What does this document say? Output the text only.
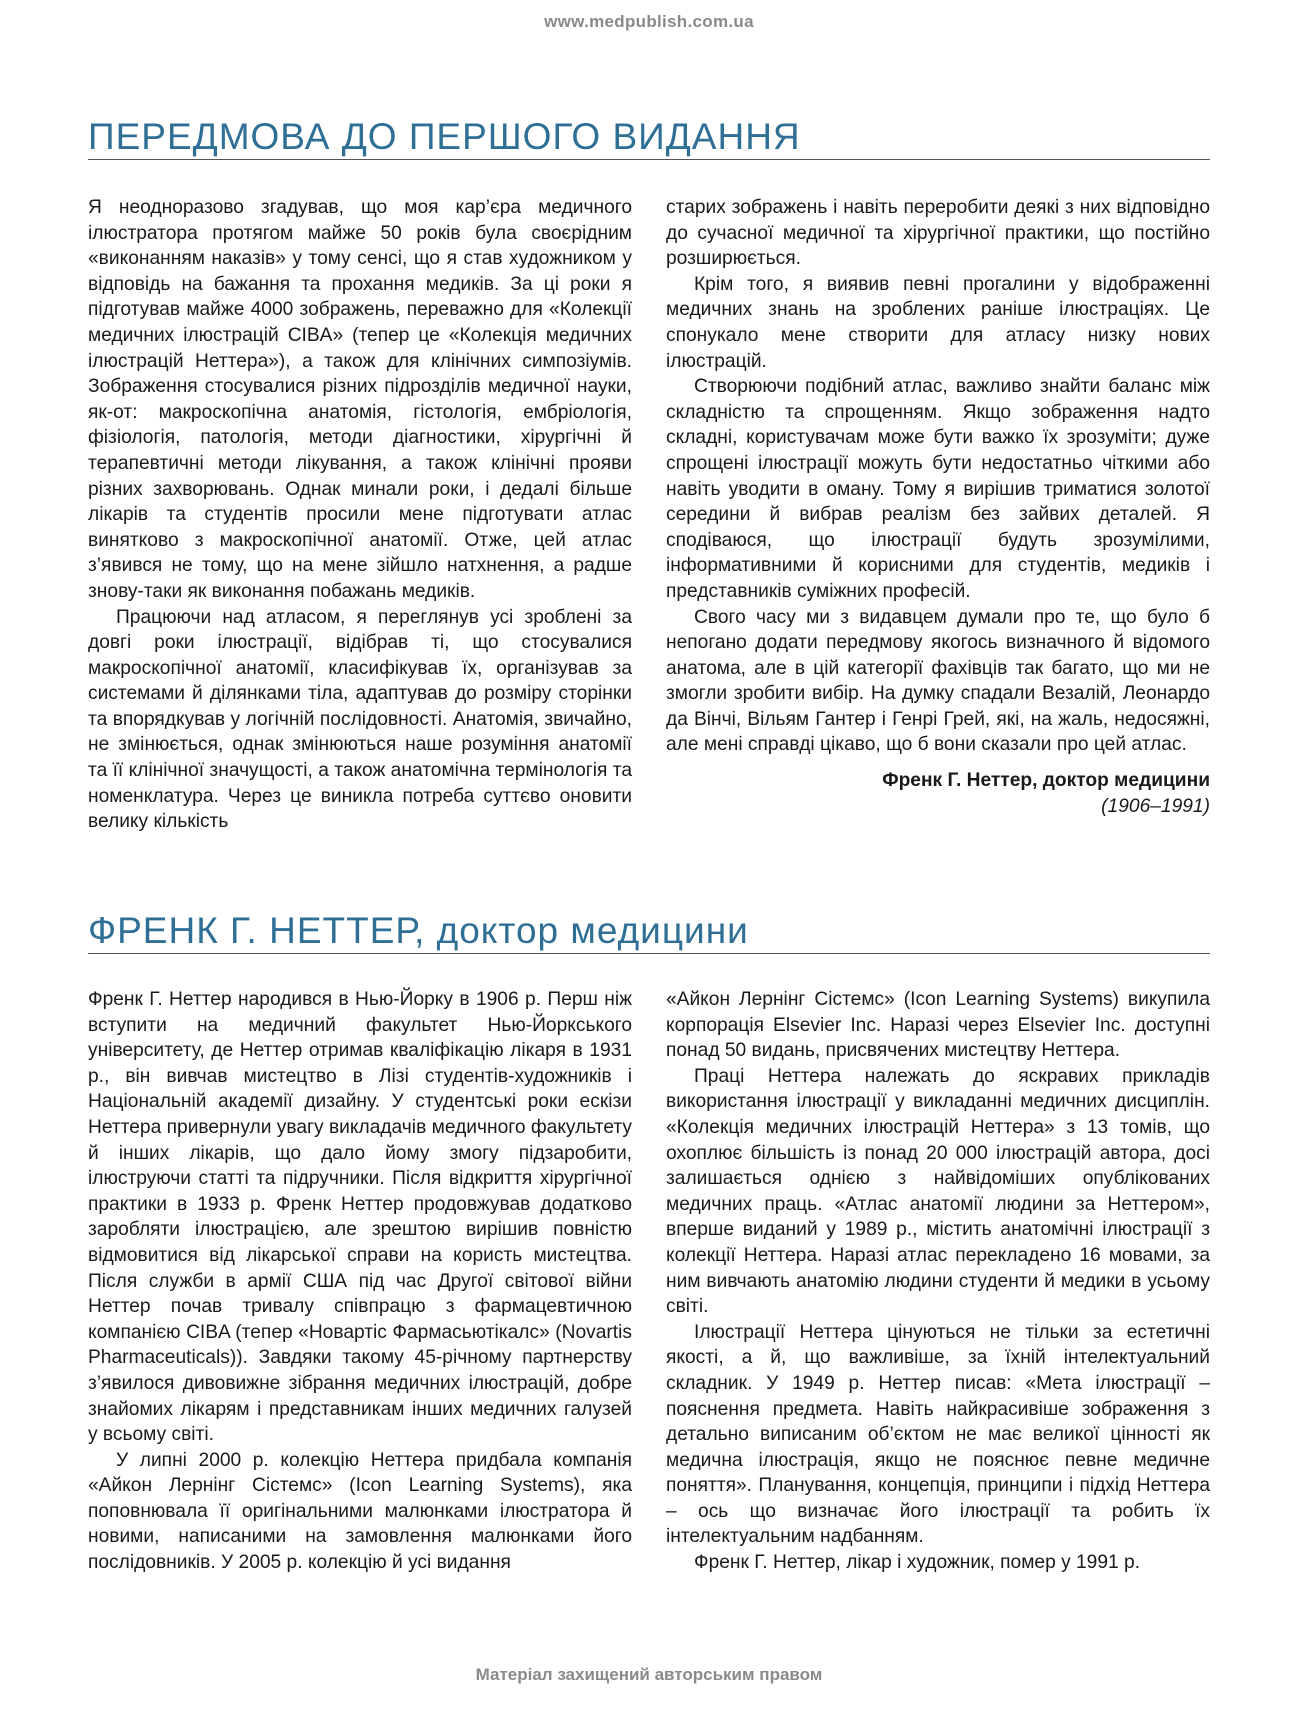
www.medpublish.com.ua
ПЕРЕДМОВА ДО ПЕРШОГО ВИДАННЯ

Я неодноразово згадував, що моя кар’єра медичного ілюстратора протягом майже 50 років була своєрідним «виконанням наказів» у тому сенсі, що я став художником у відповідь на бажання та прохання медиків. За ці роки я підготував майже 4000 зображень, переважно для «Колекції медичних ілюстрацій CIBA» (тепер це «Колекція медичних ілюстрацій Неттера»), а також для клінічних симпозіумів. Зображення стосувалися різних підрозділів медичної науки, як-от: макроскопічна анатомія, гістологія, ембріологія, фізіологія, патологія, методи діагностики, хірургічні й терапевтичні методи лікування, а також клінічні прояви різних захворювань. Однак минали роки, і дедалі більше лікарів та студентів просили мене підготувати атлас винятково з макроскопічної анатомії. Отже, цей атлас з’явився не тому, що на мене зійшло натхнення, а радше знову-таки як виконання побажань медиків.

Працюючи над атласом, я переглянув усі зроблені за довгі роки ілюстрації, відібрав ті, що стосувалися макроскопічної анатомії, класифікував їх, організував за системами й ділянками тіла, адаптував до розміру сторінки та впорядкував у логічній послідовності. Анатомія, звичайно, не змінюється, однак змінюються наше розуміння анатомії та її клінічної значущості, а також анатомічна термінологія та номенклатура. Через це виникла потреба суттєво оновити велику кількість

старих зображень і навіть переробити деякі з них відповідно до сучасної медичної та хірургічної практики, що постійно розширюється.

Крім того, я виявив певні прогалини у відображенні медичних знань на зроблених раніше ілюстраціях. Це спонукало мене створити для атласу низку нових ілюстрацій.

Створюючи подібний атлас, важливо знайти баланс між складністю та спрощенням. Якщо зображення надто складні, користувачам може бути важко їх зрозуміти; дуже спрощені ілюстрації можуть бути недостатньо чіткими або навіть уводити в оману. Тому я вирішив триматися золотої середини й вибрав реалізм без зайвих деталей. Я сподіваюся, що ілюстрації будуть зрозумілими, інформативними й корисними для студентів, медиків і представників суміжних професій.

Свого часу ми з видавцем думали про те, що було б непогано додати передмову якогось визначного й відомого анатома, але в цій категорії фахівців так багато, що ми не змогли зробити вибір. На думку спадали Везалій, Леонардо да Вінчі, Вільям Гантер і Генрі Грей, які, на жаль, недосяжні, але мені справді цікаво, що б вони сказали про цей атлас.

Френк Г. Неттер, доктор медицини
(1906–1991)
ФРЕНК Г. НЕТТЕР, доктор медицини

Френк Г. Неттер народився в Нью-Йорку в 1906 р. Перш ніж вступити на медичний факультет Нью-Йоркського університету, де Неттер отримав кваліфікацію лікаря в 1931 р., він вивчав мистецтво в Лізі студентів-художників і Національній академії дизайну. У студентські роки ескізи Неттера привернули увагу викладачів медичного факультету й інших лікарів, що дало йому змогу підзаробити, ілюструючи статті та підручники. Після відкриття хірургічної практики в 1933 р. Френк Неттер продовжував додатково заробляти ілюстрацією, але зрештою вирішив повністю відмовитися від лікарської справи на користь мистецтва. Після служби в армії США під час Другої світової війни Неттер почав тривалу співпрацю з фармацевтичною компанією CIBA (тепер «Новартіс Фармасьютікалс» (Novartis Pharmaceuticals)). Завдяки такому 45-річному партнерству з’явилося дивовижне зібрання медичних ілюстрацій, добре знайомих лікарям і представникам інших медичних галузей у всьому світі.

У липні 2000 р. колекцію Неттера придбала компанія «Айкон Лернінг Сістемс» (Icon Learning Systems), яка поповнювала її оригінальними малюнками ілюстратора й новими, написаними на замовлення малюнками його послідовників. У 2005 р. колекцію й усі видання

«Айкон Лернінг Сістемс» (Icon Learning Systems) викупила корпорація Elsevier Inc. Наразі через Elsevier Inc. доступні понад 50 видань, присвячених мистецтву Неттера.

Праці Неттера належать до яскравих прикладів використання ілюстрації у викладанні медичних дисциплін. «Колекція медичних ілюстрацій Неттера» з 13 томів, що охоплює більшість із понад 20 000 ілюстрацій автора, досі залишається однією з найвідоміших опублікованих медичних праць. «Атлас анатомії людини за Неттером», вперше виданий у 1989 р., містить анатомічні ілюстрації з колекції Неттера. Наразі атлас перекладено 16 мовами, за ним вивчають анатомію людини студенти й медики в усьому світі.

Ілюстрації Неттера цінуються не тільки за естетичні якості, а й, що важливіше, за їхній інтелектуальний складник. У 1949 р. Неттер писав: «Мета ілюстрації – пояснення предмета. Навіть найкрасивіше зображення з детально виписаним об’єктом не має великої цінності як медична ілюстрація, якщо не пояснює певне медичне поняття». Планування, концепція, принципи і підхід Неттера – ось що визначає його ілюстрації та робить їх інтелектуальним надбанням.

Френк Г. Неттер, лікар і художник, помер у 1991 р.

Матеріал захищений авторським правом
